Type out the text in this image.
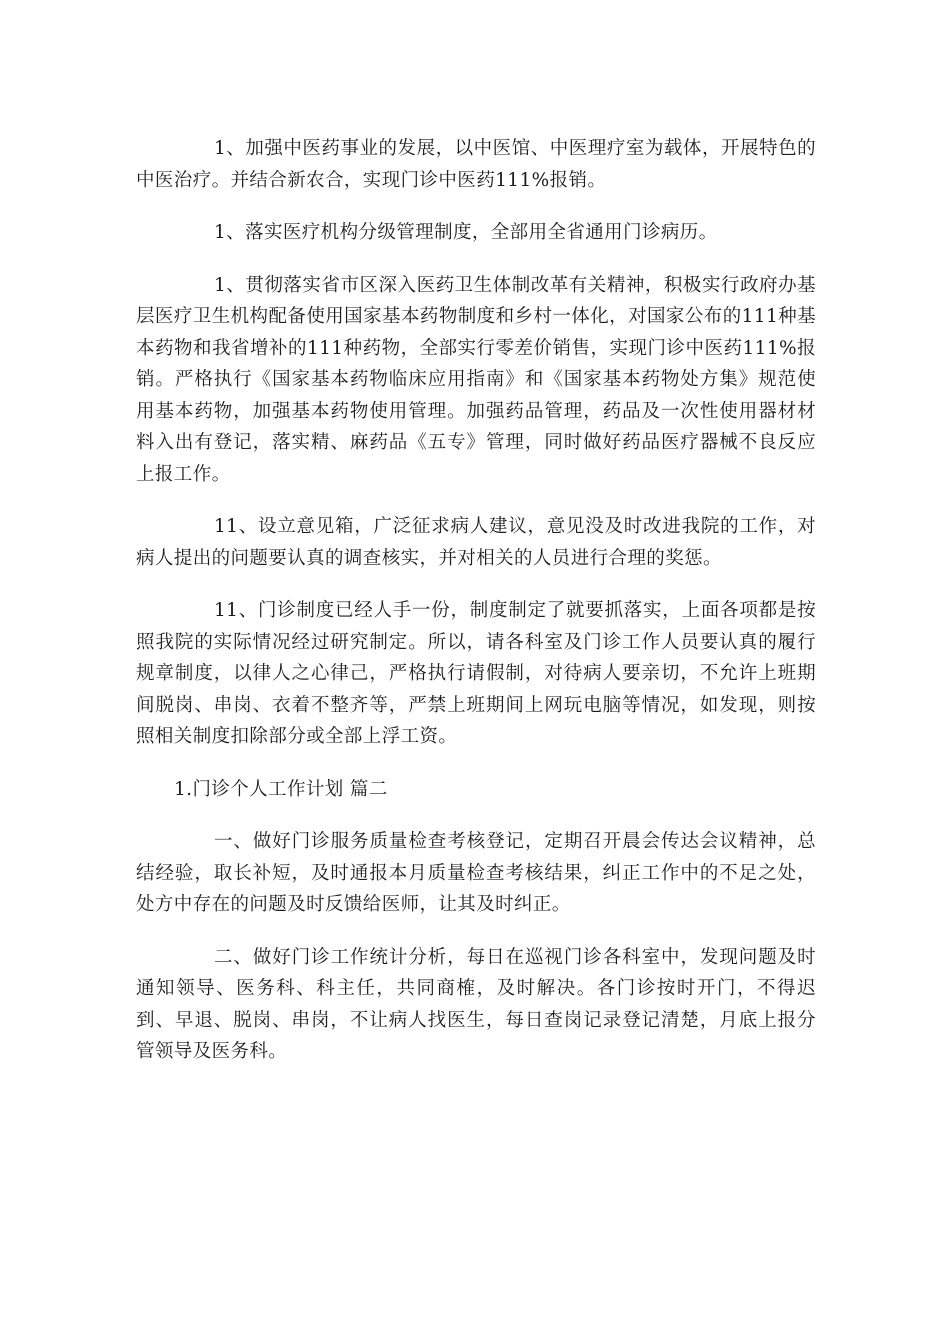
1、加强中医药事业的发展，以中医馆、中医理疗室为载体，开展特色的中医治疗。并结合新农合，实现门诊中医药111%报销。

1、落实医疗机构分级管理制度，全部用全省通用门诊病历。

1、贯彻落实省市区深入医药卫生体制改革有关精神，积极实行政府办基层医疗卫生机构配备使用国家基本药物制度和乡村一体化，对国家公布的111种基本药物和我省增补的111种药物，全部实行零差价销售，实现门诊中医药111%报销。严格执行《国家基本药物临床应用指南》和《国家基本药物处方集》规范使用基本药物，加强基本药物使用管理。加强药品管理，药品及一次性使用器材材料入出有登记，落实精、麻药品《五专》管理，同时做好药品医疗器械不良反应上报工作。

11、设立意见箱，广泛征求病人建议，意见没及时改进我院的工作，对病人提出的问题要认真的调查核实，并对相关的人员进行合理的奖惩。

11、门诊制度已经人手一份，制度制定了就要抓落实，上面各项都是按照我院的实际情况经过研究制定。所以，请各科室及门诊工作人员要认真的履行规章制度，以律人之心律己，严格执行请假制，对待病人要亲切，不允许上班期间脱岗、串岗、衣着不整齐等，严禁上班期间上网玩电脑等情况，如发现，则按照相关制度扣除部分或全部上浮工资。

1.门诊个人工作计划 篇二

一、做好门诊服务质量检查考核登记，定期召开晨会传达会议精神，总结经验，取长补短，及时通报本月质量检查考核结果，纠正工作中的不足之处，处方中存在的问题及时反馈给医师，让其及时纠正。

二、做好门诊工作统计分析，每日在巡视门诊各科室中，发现问题及时通知领导、医务科、科主任，共同商榷，及时解决。各门诊按时开门，不得迟到、早退、脱岗、串岗，不让病人找医生，每日查岗记录登记清楚，月底上报分管领导及医务科。
